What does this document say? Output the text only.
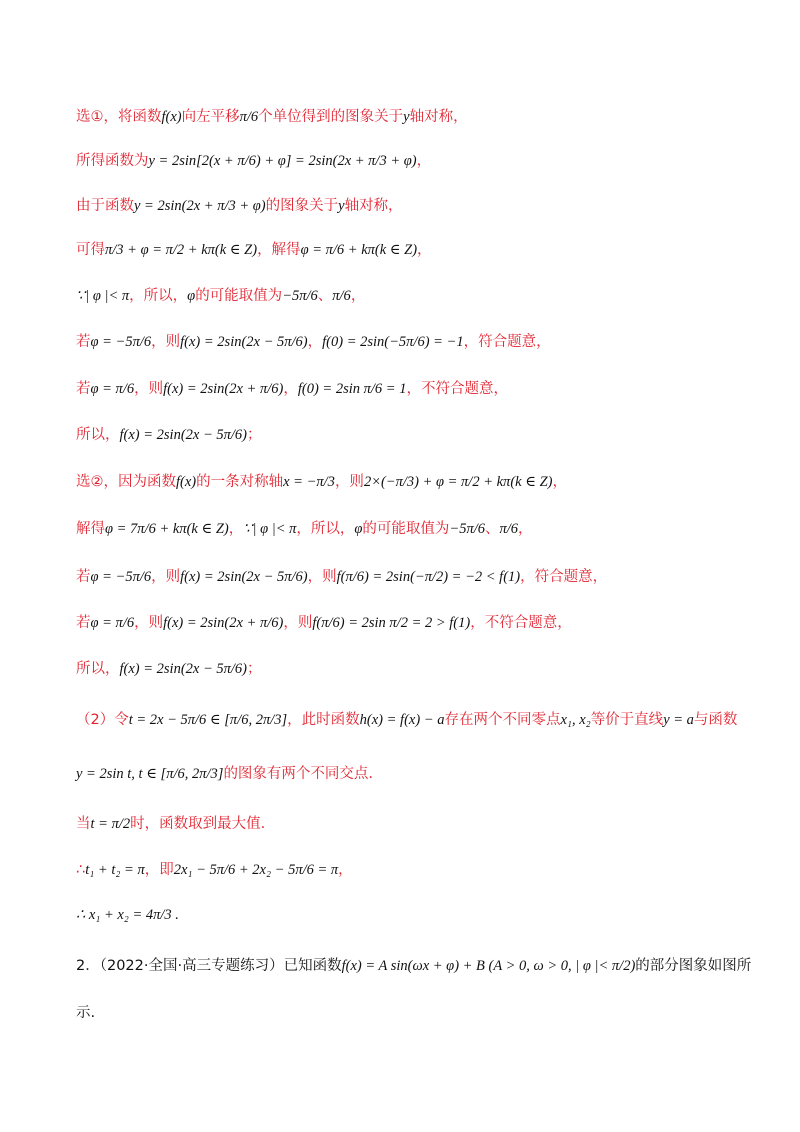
选①，将函数f(x)向左平移π/6个单位得到的图象关于y轴对称，
所得函数为y = 2sin[2(x + π/6) + φ] = 2sin(2x + π/3 + φ)，
由于函数y = 2sin(2x + π/3 + φ)的图象关于y轴对称，
可得π/3 + φ = π/2 + kπ(k ∈ Z)，解得φ = π/6 + kπ(k ∈ Z)，
∵| φ |< π，所以，φ的可能取值为−5π/6、π/6，
若φ = −5π/6，则f(x) = 2sin(2x − 5π/6)，f(0) = 2sin(−5π/6) = −1，符合题意，
若φ = π/6，则f(x) = 2sin(2x + π/6)，f(0) = 2sin π/6 = 1，不符合题意，
所以，f(x) = 2sin(2x − 5π/6)；
选②，因为函数f(x)的一条对称轴x = −π/3，则2×(−π/3) + φ = π/2 + kπ(k ∈ Z)，
解得φ = 7π/6 + kπ(k ∈ Z)，∵| φ |< π，所以，φ的可能取值为−5π/6、π/6，
若φ = −5π/6，则f(x) = 2sin(2x − 5π/6)，则f(π/6) = 2sin(−π/2) = −2 < f(1)，符合题意，
若φ = π/6，则f(x) = 2sin(2x + π/6)，则f(π/6) = 2sin π/2 = 2 > f(1)，不符合题意，
所以，f(x) = 2sin(2x − 5π/6)；
（2）令t = 2x − 5π/6 ∈ [π/6, 2π/3]，此时函数h(x) = f(x) − a存在两个不同零点x₁, x₂等价于直线y = a与函数
y = 2sin t, t ∈ [π/6, 2π/3]的图象有两个不同交点.
当t = π/2时，函数取到最大值.
∴t₁ + t₂ = π，即2x₁ − 5π/6 + 2x₂ − 5π/6 = π，
∴ x₁ + x₂ = 4π/3 .
2．（2022·全国·高三专题练习）已知函数f(x) = A sin(ωx + φ) + B (A > 0, ω > 0, | φ |< π/2)的部分图象如图所
示.
